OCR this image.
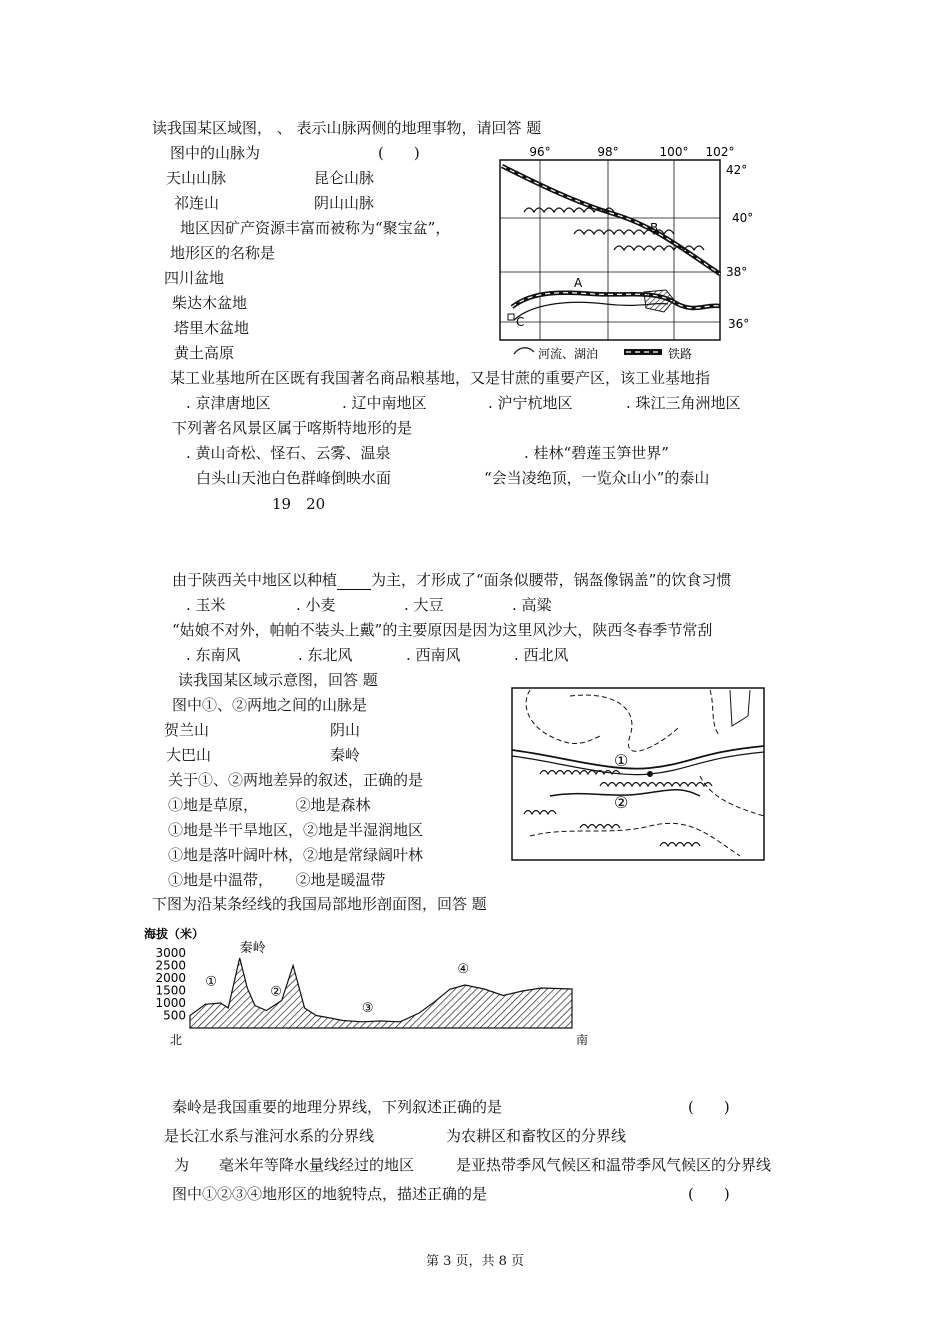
读我国某区域图， 、 表示山脉两侧的地理事物，请回答 题
图中的山脉为	(　　)
天山山脉	昆仑山脉
祁连山	阴山山脉
地区因矿产资源丰富而被称为“聚宝盆”，
地形区的名称是
四川盆地
柴达木盆地
塔里木盆地
黄土高原
96°	98°	100° 102°
42°
40°
38°
36°
A
B
C
河流、湖泊	铁路
某工业基地所在区既有我国著名商品粮基地，又是甘蔗的重要产区，该工业基地指
. 京津唐地区	. 辽中南地区	. 沪宁杭地区	. 珠江三角洲地区
下列著名风景区属于喀斯特地形的是
. 黄山奇松、怪石、云雾、温泉	. 桂林“碧莲玉笋世界”
白头山天池白色群峰倒映水面	“会当凌绝顶，一览众山小”的泰山

19　20

由于陕西关中地区以种植 为主，才形成了“面条似腰带，锅盔像锅盖”的饮食习惯
. 玉米	. 小麦	. 大豆	. 高粱
“姑娘不对外，帕帕不装头上戴”的主要原因是因为这里风沙大，陕西冬春季节常刮
. 东南风	. 东北风	. 西南风	. 西北风
读我国某区域示意图，回答 题
图中①、②两地之间的山脉是
贺兰山	阴山
大巴山	秦岭
关于①、②两地差异的叙述，正确的是
①地是草原，　　　②地是森林
①地是半干旱地区，②地是半湿润地区
①地是落叶阔叶林，②地是常绿阔叶林
①地是中温带，　　②地是暖温带
①
②
下图为沿某条经线的我国局部地形剖面图，回答 题
海拔（米）
3000
2500
2000
1500
1000
500
秦岭
①
②
③
④
北	南
秦岭是我国重要的地理分界线，下列叙述正确的是	(　　)
是长江水系与淮河水系的分界线	为农耕区和畜牧区的分界线
为　　毫米年等降水量线经过的地区	是亚热带季风气候区和温带季风气候区的分界线
图中①②③④地形区的地貌特点，描述正确的是	(　　)
第 3 页，共 8 页
